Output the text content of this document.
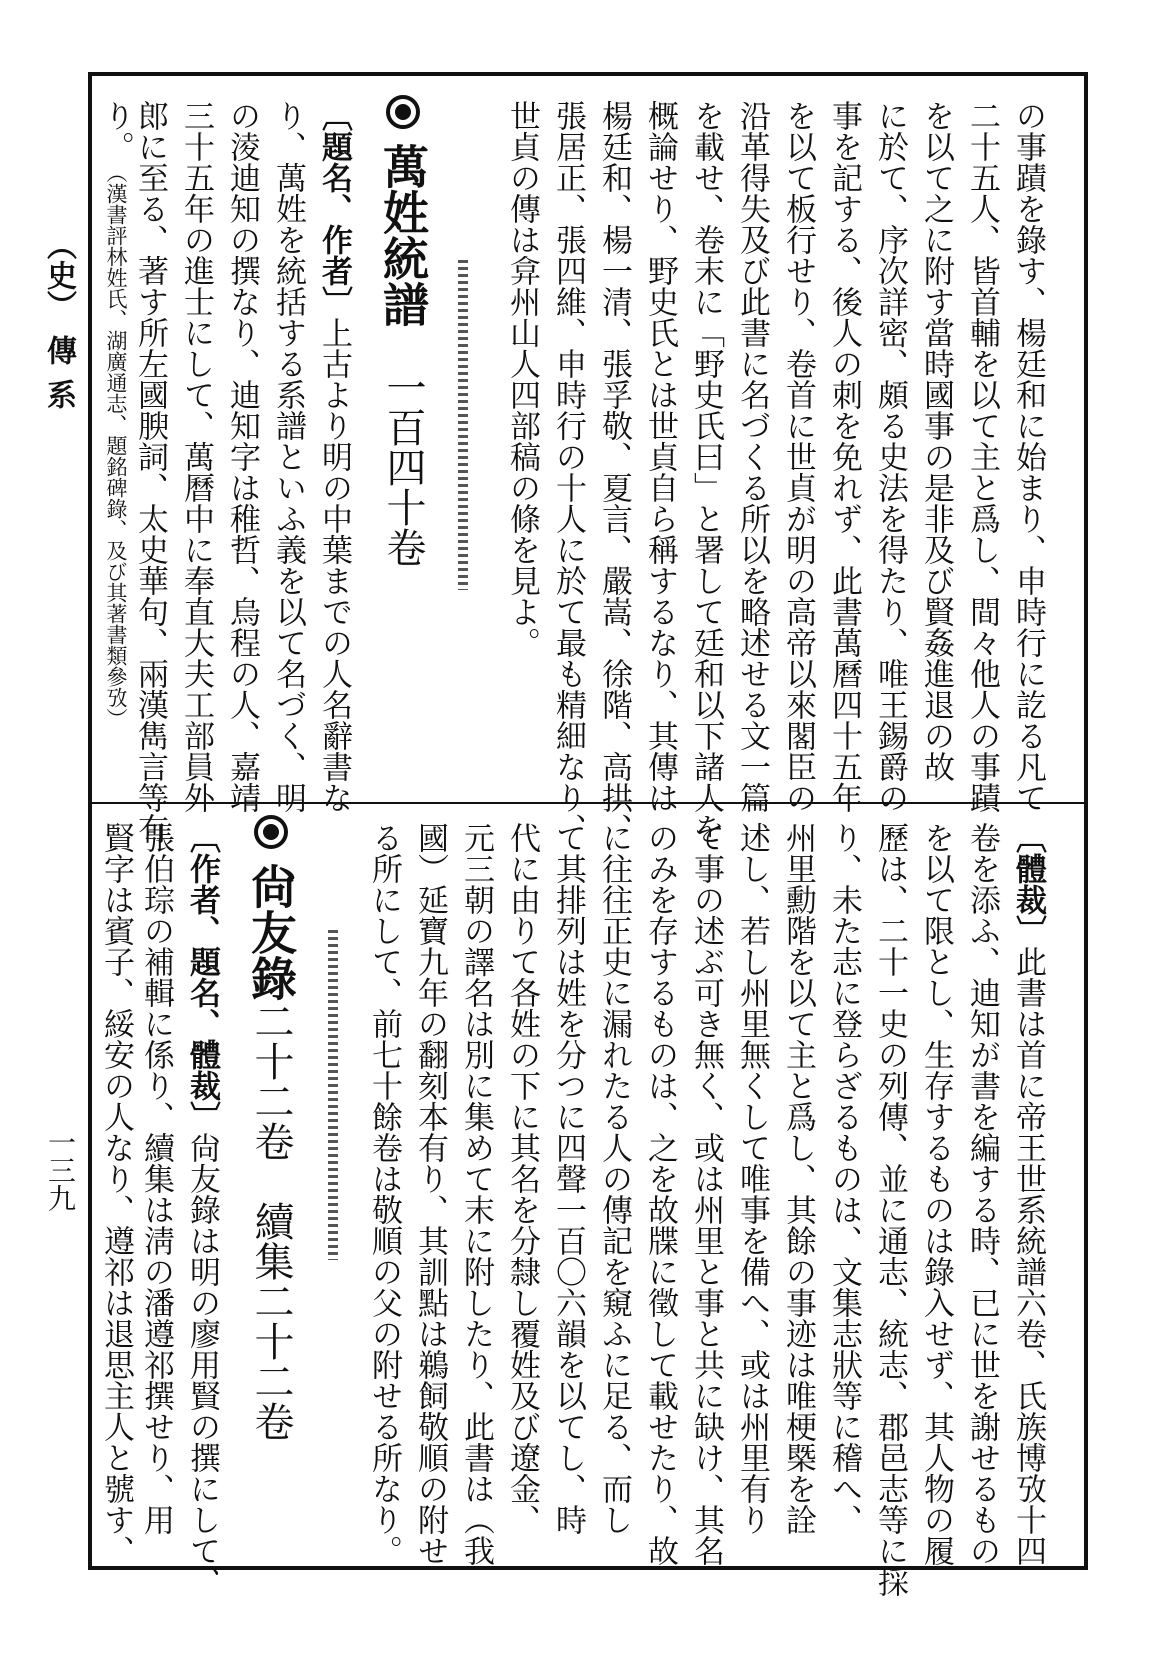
（史）
傳系
一三九
の事蹟を錄す、楊廷和に始まり、申時行に訖る凡て
二十五人、皆首輔を以て主と爲し、間々他人の事蹟
を以て之に附す當時國事の是非及び賢姦進退の故
に於て、序次詳密、頗る史法を得たり、唯王錫爵の
事を記する、後人の刺を免れず、此書萬曆四十五年
を以て板行せり、卷首に世貞が明の高帝以來閣臣の
沿革得失及び此書に名づくる所以を略述せる文一篇
を載せ、卷末に「野史氏曰」と署して廷和以下諸人を
概論せり、野史氏とは世貞自ら稱するなり、其傳は
楊廷和、楊一清、張孚敬、夏言、嚴嵩、徐階、高拱、
張居正、張四維、申時行の十人に於て最も精細なり、
世貞の傳は弇州山人四部稿の條を見よ。
萬姓統譜　一百四十卷
〔題名、作者〕上古より明の中葉までの人名辭書な
り、萬姓を統括する系譜といふ義を以て名づく、明
の淩迪知の撰なり、迪知字は稚哲、烏程の人、嘉靖
三十五年の進士にして、萬曆中に奉直大夫工部員外
郎に至る、著す所左國腴詞、太史華句、兩漢雋言等有
り。
（漢書評林姓氏、湖廣通志、題
銘碑錄、及び其著書類參攷）
〔體裁〕此書は首に帝王世系統譜六卷、氏族博攷十四
卷を添ふ、迪知が書を編する時、已に世を謝せるもの
を以て限とし、生存するものは錄入せず、其人物の履
歷は、二十一史の列傳、並に通志、統志、郡邑志等に採
り、未た志に登らざるものは、文集志狀等に稽へ、
州里勳階を以て主と爲し、其餘の事迹は唯梗槩を詮
述し、若し州里無くして唯事を備へ、或は州里有り
て事の述ぶ可き無く、或は州里と事と共に缺け、其名
のみを存するものは、之を故牒に徵して載せたり、故
に往往正史に漏れたる人の傳記を窺ふに足る、而し
て其排列は姓を分つに四聲一百〇六韻を以てし、時
代に由りて各姓の下に其名を分隸し覆姓及び遼金、
元三朝の譯名は別に集めて末に附したり、此書は（我
國）延寶九年の翻刻本有り、其訓點は鵜飼敬順の附せ
る所にして、前七十餘卷は敬順の父の附せる所なり。
尙友錄二十二卷　續集二十二卷
〔作者、題名、體裁〕尙友錄は明の廖用賢の撰にして、
張伯琮の補輯に係り、續集は淸の潘遵祁撰せり、用
賢字は賓子、綏安の人なり、遵祁は退思主人と號す、
